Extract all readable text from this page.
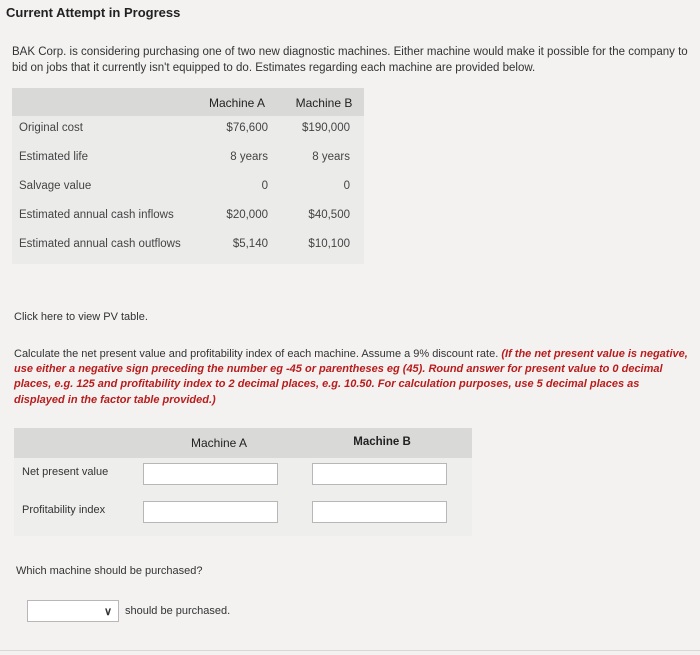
Current Attempt in Progress
BAK Corp. is considering purchasing one of two new diagnostic machines. Either machine would make it possible for the company to bid on jobs that it currently isn't equipped to do. Estimates regarding each machine are provided below.
Machine A	Machine B
Original cost	$76,600	$190,000
Estimated life	8 years	8 years
Salvage value	0	0
Estimated annual cash inflows	$20,000	$40,500
Estimated annual cash outflows	$5,140	$10,100
Click here to view PV table.
Calculate the net present value and profitability index of each machine. Assume a 9% discount rate. (If the net present value is negative, use either a negative sign preceding the number eg -45 or parentheses eg (45). Round answer for present value to 0 decimal places, e.g. 125 and profitability index to 2 decimal places, e.g. 10.50. For calculation purposes, use 5 decimal places as displayed in the factor table provided.)
Machine A	Machine B
Net present value
Profitability index
Which machine should be purchased?
∨ should be purchased.
